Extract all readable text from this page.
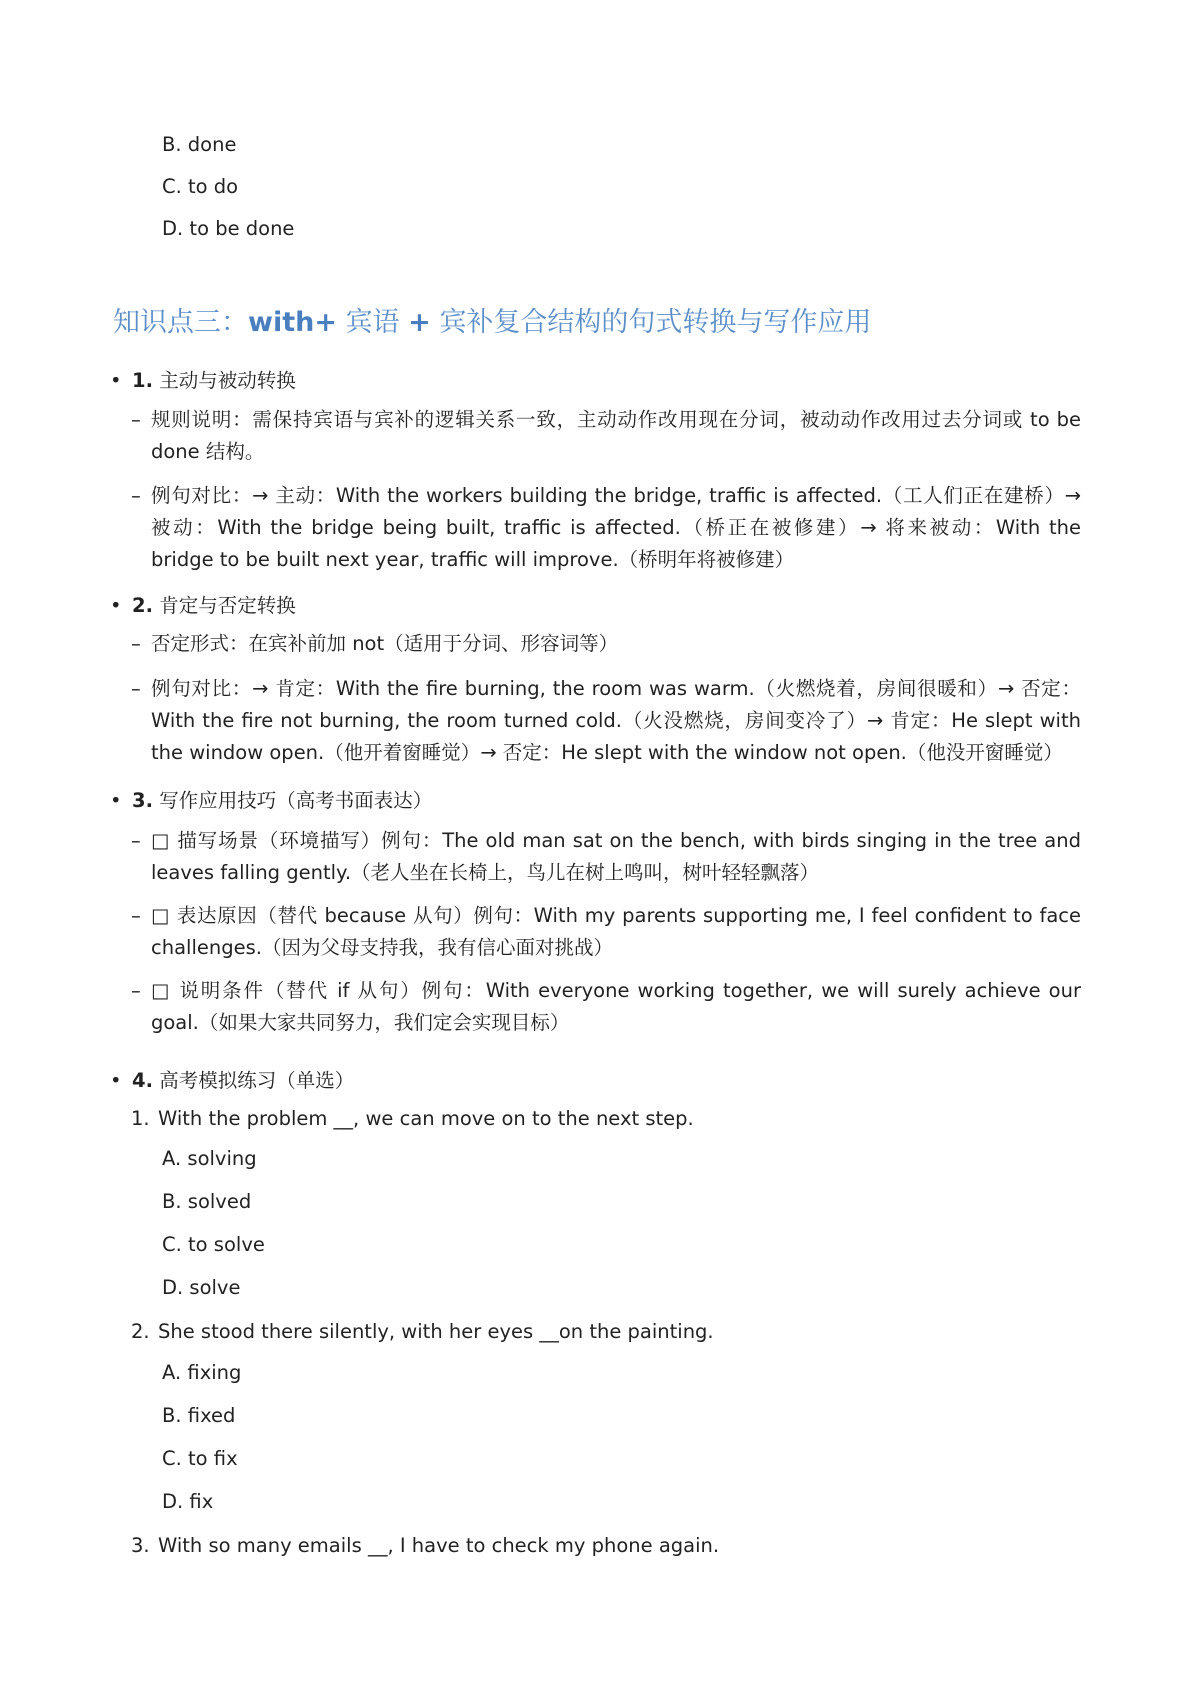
B. done
C. to do
D. to be done
知识点三：with+ 宾语 + 宾补复合结构的句式转换与写作应用
• 1. 主动与被动转换
– 规则说明：需保持宾语与宾补的逻辑关系一致，主动动作改用现在分词，被动动作改用过去分词或 to be done 结构。
– 例句对比：→ 主动：With the workers building the bridge, traffic is affected.（工人们正在建桥）→ 被动：With the bridge being built, traffic is affected.（桥正在被修建）→ 将来被动：With the bridge to be built next year, traffic will improve.（桥明年将被修建）
• 2. 肯定与否定转换
– 否定形式：在宾补前加 not（适用于分词、形容词等）
– 例句对比：→ 肯定：With the fire burning, the room was warm.（火燃烧着，房间很暖和）→ 否定：With the fire not burning, the room turned cold.（火没燃烧，房间变冷了）→ 肯定：He slept with the window open.（他开着窗睡觉）→ 否定：He slept with the window not open.（他没开窗睡觉）
• 3. 写作应用技巧（高考书面表达）
– □ 描写场景（环境描写）例句：The old man sat on the bench, with birds singing in the tree and leaves falling gently.（老人坐在长椅上，鸟儿在树上鸣叫，树叶轻轻飘落）
– □ 表达原因（替代 because 从句）例句：With my parents supporting me, I feel confident to face challenges.（因为父母支持我，我有信心面对挑战）
– □ 说明条件（替代 if 从句）例句：With everyone working together, we will surely achieve our goal.（如果大家共同努力，我们定会实现目标）
• 4. 高考模拟练习（单选）
1. With the problem __, we can move on to the next step.
A. solving
B. solved
C. to solve
D. solve
2. She stood there silently, with her eyes __on the painting.
A. fixing
B. fixed
C. to fix
D. fix
3. With so many emails __, I have to check my phone again.
